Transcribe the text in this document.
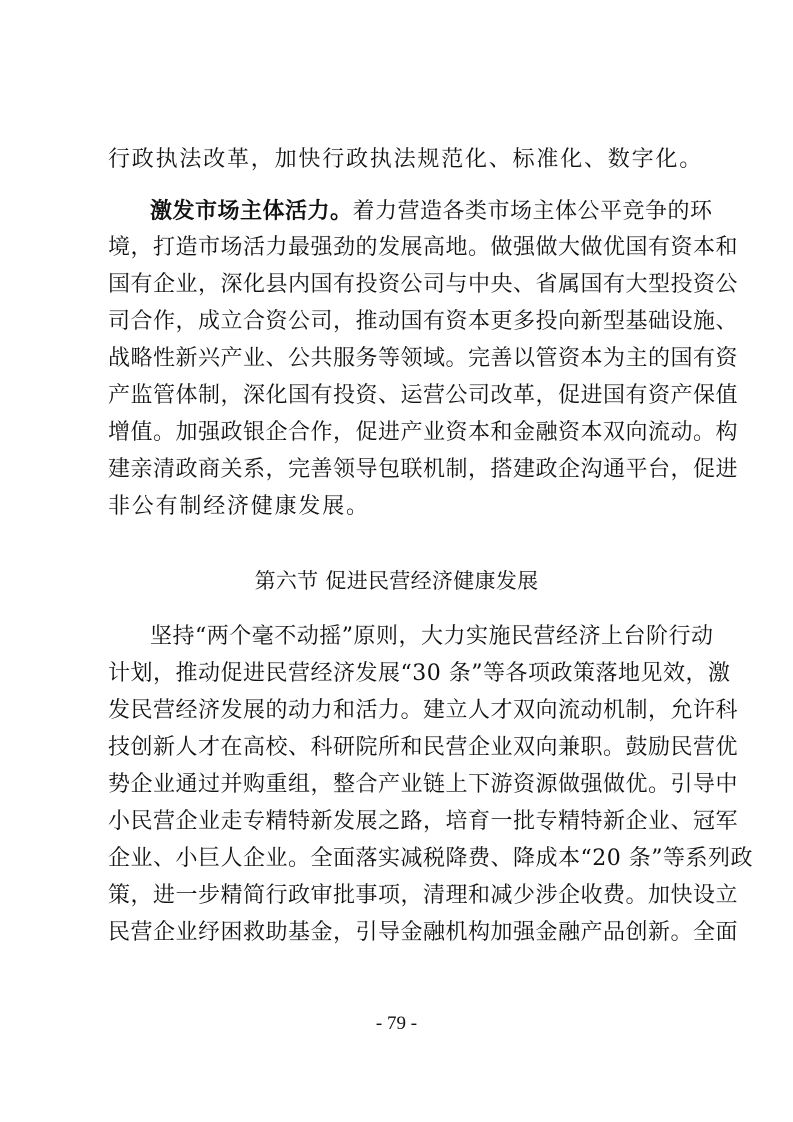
行政执法改革，加快行政执法规范化、标准化、数字化。
激发市场主体活力。着力营造各类市场主体公平竞争的环
境，打造市场活力最强劲的发展高地。做强做大做优国有资本和
国有企业，深化县内国有投资公司与中央、省属国有大型投资公
司合作，成立合资公司，推动国有资本更多投向新型基础设施、
战略性新兴产业、公共服务等领域。完善以管资本为主的国有资
产监管体制，深化国有投资、运营公司改革，促进国有资产保值
增值。加强政银企合作，促进产业资本和金融资本双向流动。构
建亲清政商关系，完善领导包联机制，搭建政企沟通平台，促进
非公有制经济健康发展。
第六节 促进民营经济健康发展
坚持“两个毫不动摇”原则，大力实施民营经济上台阶行动
计划，推动促进民营经济发展“30 条”等各项政策落地见效，激
发民营经济发展的动力和活力。建立人才双向流动机制，允许科
技创新人才在高校、科研院所和民营企业双向兼职。鼓励民营优
势企业通过并购重组，整合产业链上下游资源做强做优。引导中
小民营企业走专精特新发展之路，培育一批专精特新企业、冠军
企业、小巨人企业。全面落实减税降费、降成本“20 条”等系列政
策，进一步精简行政审批事项，清理和减少涉企收费。加快设立
民营企业纾困救助基金，引导金融机构加强金融产品创新。全面
- 79 -
